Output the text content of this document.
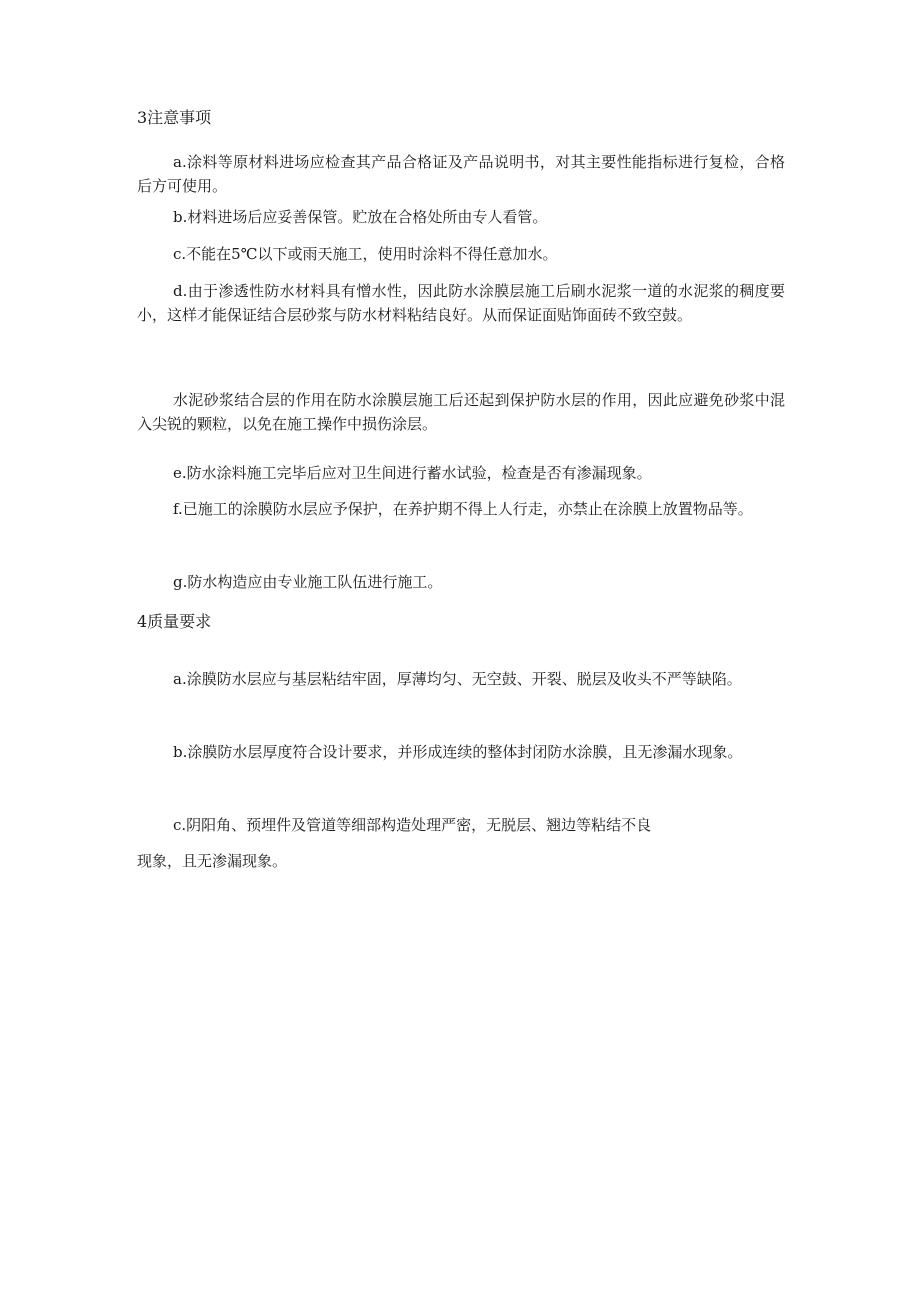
3注意事项

a.涂料等原材料进场应检查其产品合格证及产品说明书，对其主要性能指标进行复检，合格后方可使用。

b.材料进场后应妥善保管。贮放在合格处所由专人看管。

c.不能在5℃以下或雨天施工，使用时涂料不得任意加水。

d.由于渗透性防水材料具有憎水性，因此防水涂膜层施工后刷水泥浆一道的水泥浆的稠度要小，这样才能保证结合层砂浆与防水材料粘结良好。从而保证面贴饰面砖不致空鼓。

水泥砂浆结合层的作用在防水涂膜层施工后还起到保护防水层的作用，因此应避免砂浆中混入尖锐的颗粒，以免在施工操作中损伤涂层。

e.防水涂料施工完毕后应对卫生间进行蓄水试验，检查是否有渗漏现象。

f.已施工的涂膜防水层应予保护，在养护期不得上人行走，亦禁止在涂膜上放置物品等。

g.防水构造应由专业施工队伍进行施工。

4质量要求

a.涂膜防水层应与基层粘结牢固，厚薄均匀、无空鼓、开裂、脱层及收头不严等缺陷。

b.涂膜防水层厚度符合设计要求，并形成连续的整体封闭防水涂膜，且无渗漏水现象。

c.阴阳角、预埋件及管道等细部构造处理严密，无脱层、翘边等粘结不良

现象，且无渗漏现象。
